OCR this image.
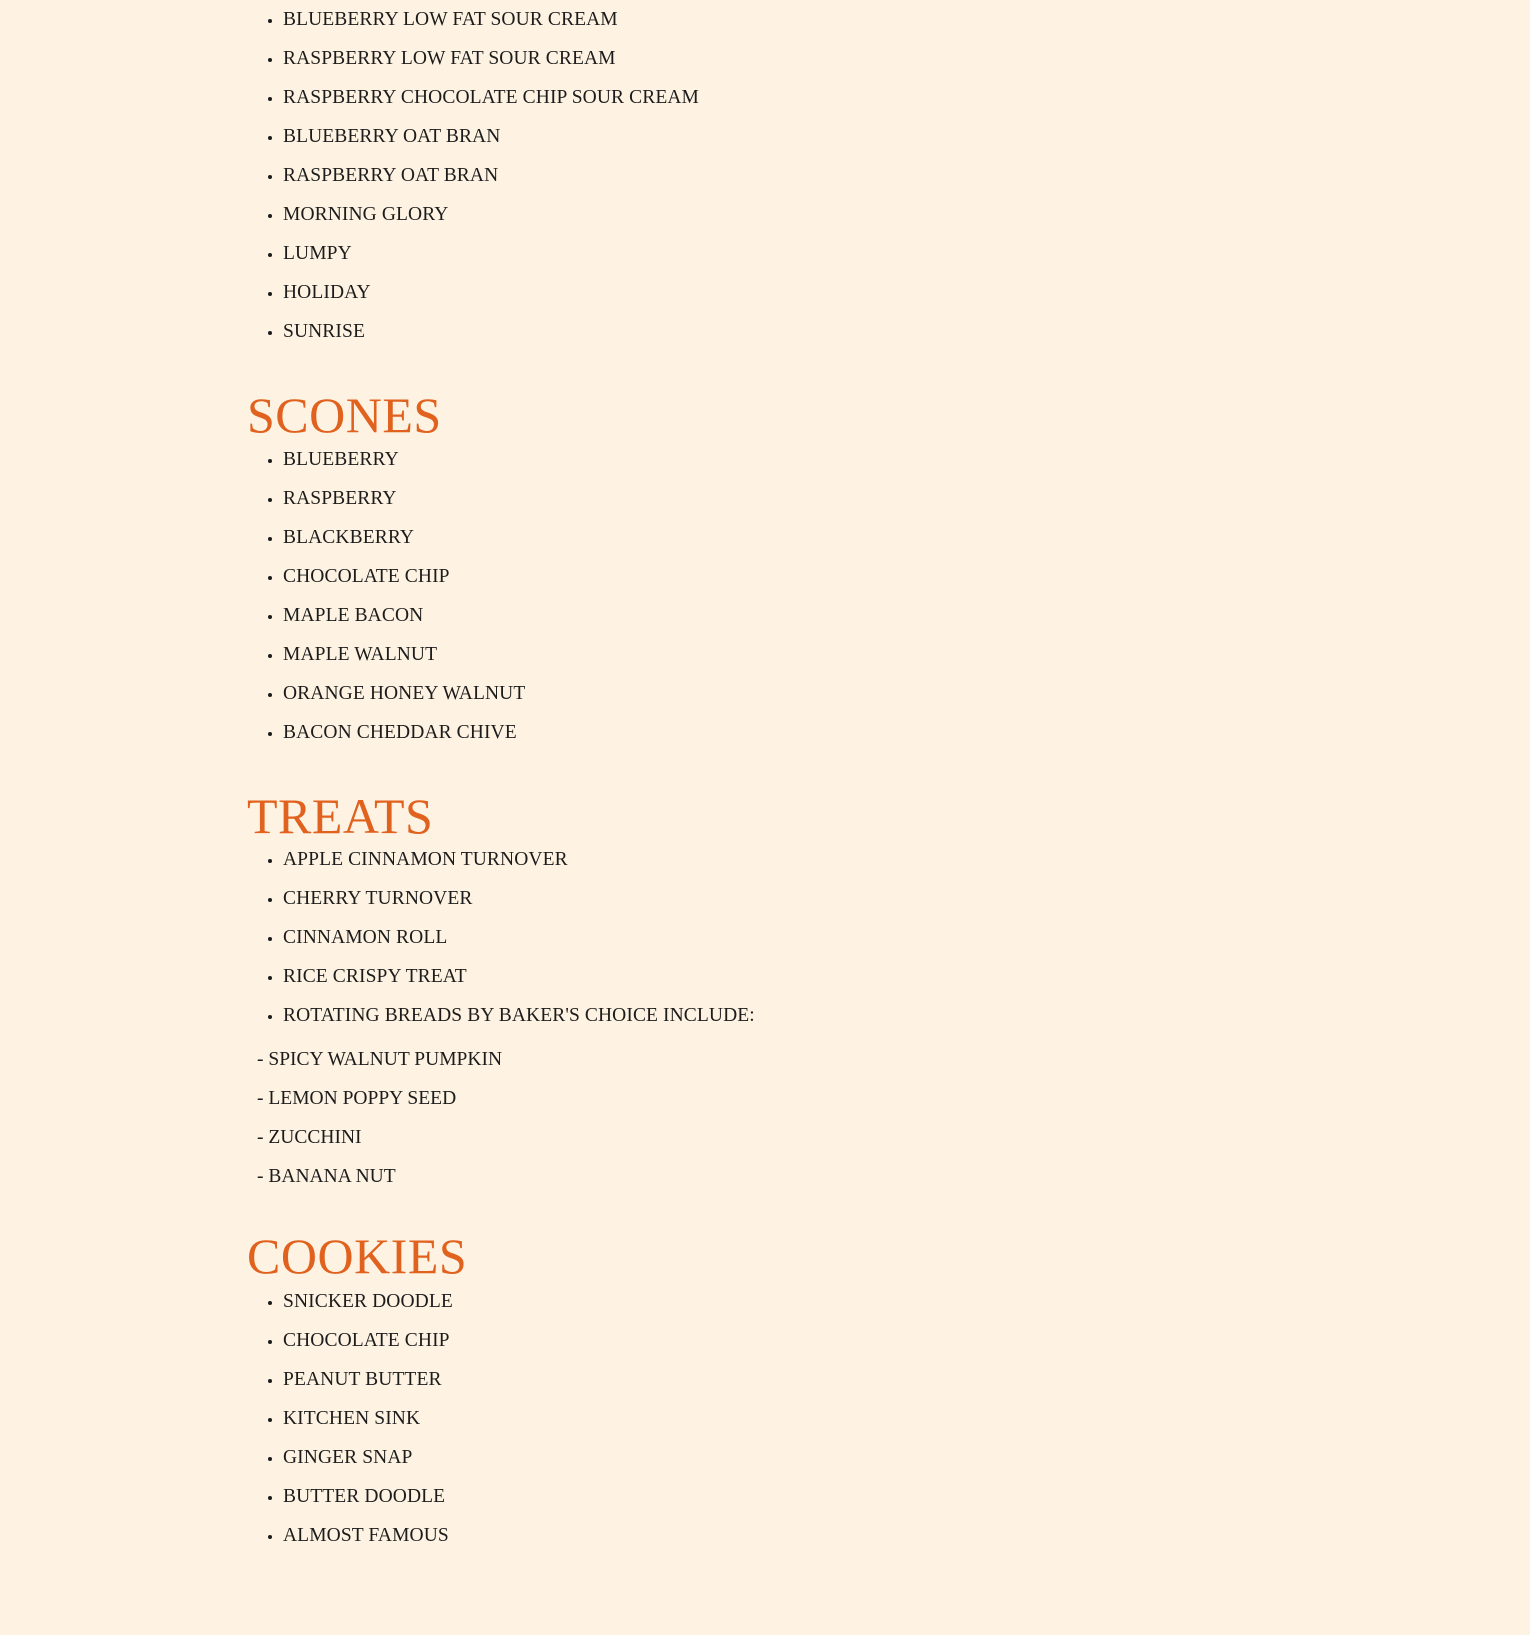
• BLUEBERRY LOW FAT SOUR CREAM
• RASPBERRY LOW FAT SOUR CREAM
• RASPBERRY CHOCOLATE CHIP SOUR CREAM
• BLUEBERRY OAT BRAN
• RASPBERRY OAT BRAN
• MORNING GLORY
• LUMPY
• HOLIDAY
• SUNRISE
SCONES
• BLUEBERRY
• RASPBERRY
• BLACKBERRY
• CHOCOLATE CHIP
• MAPLE BACON
• MAPLE WALNUT
• ORANGE HONEY WALNUT
• BACON CHEDDAR CHIVE
TREATS
• APPLE CINNAMON TURNOVER
• CHERRY TURNOVER
• CINNAMON ROLL
• RICE CRISPY TREAT
• ROTATING BREADS BY BAKER'S CHOICE INCLUDE:
- SPICY WALNUT PUMPKIN
- LEMON POPPY SEED
- ZUCCHINI
- BANANA NUT
COOKIES
• SNICKER DOODLE
• CHOCOLATE CHIP
• PEANUT BUTTER
• KITCHEN SINK
• GINGER SNAP
• BUTTER DOODLE
• ALMOST FAMOUS
